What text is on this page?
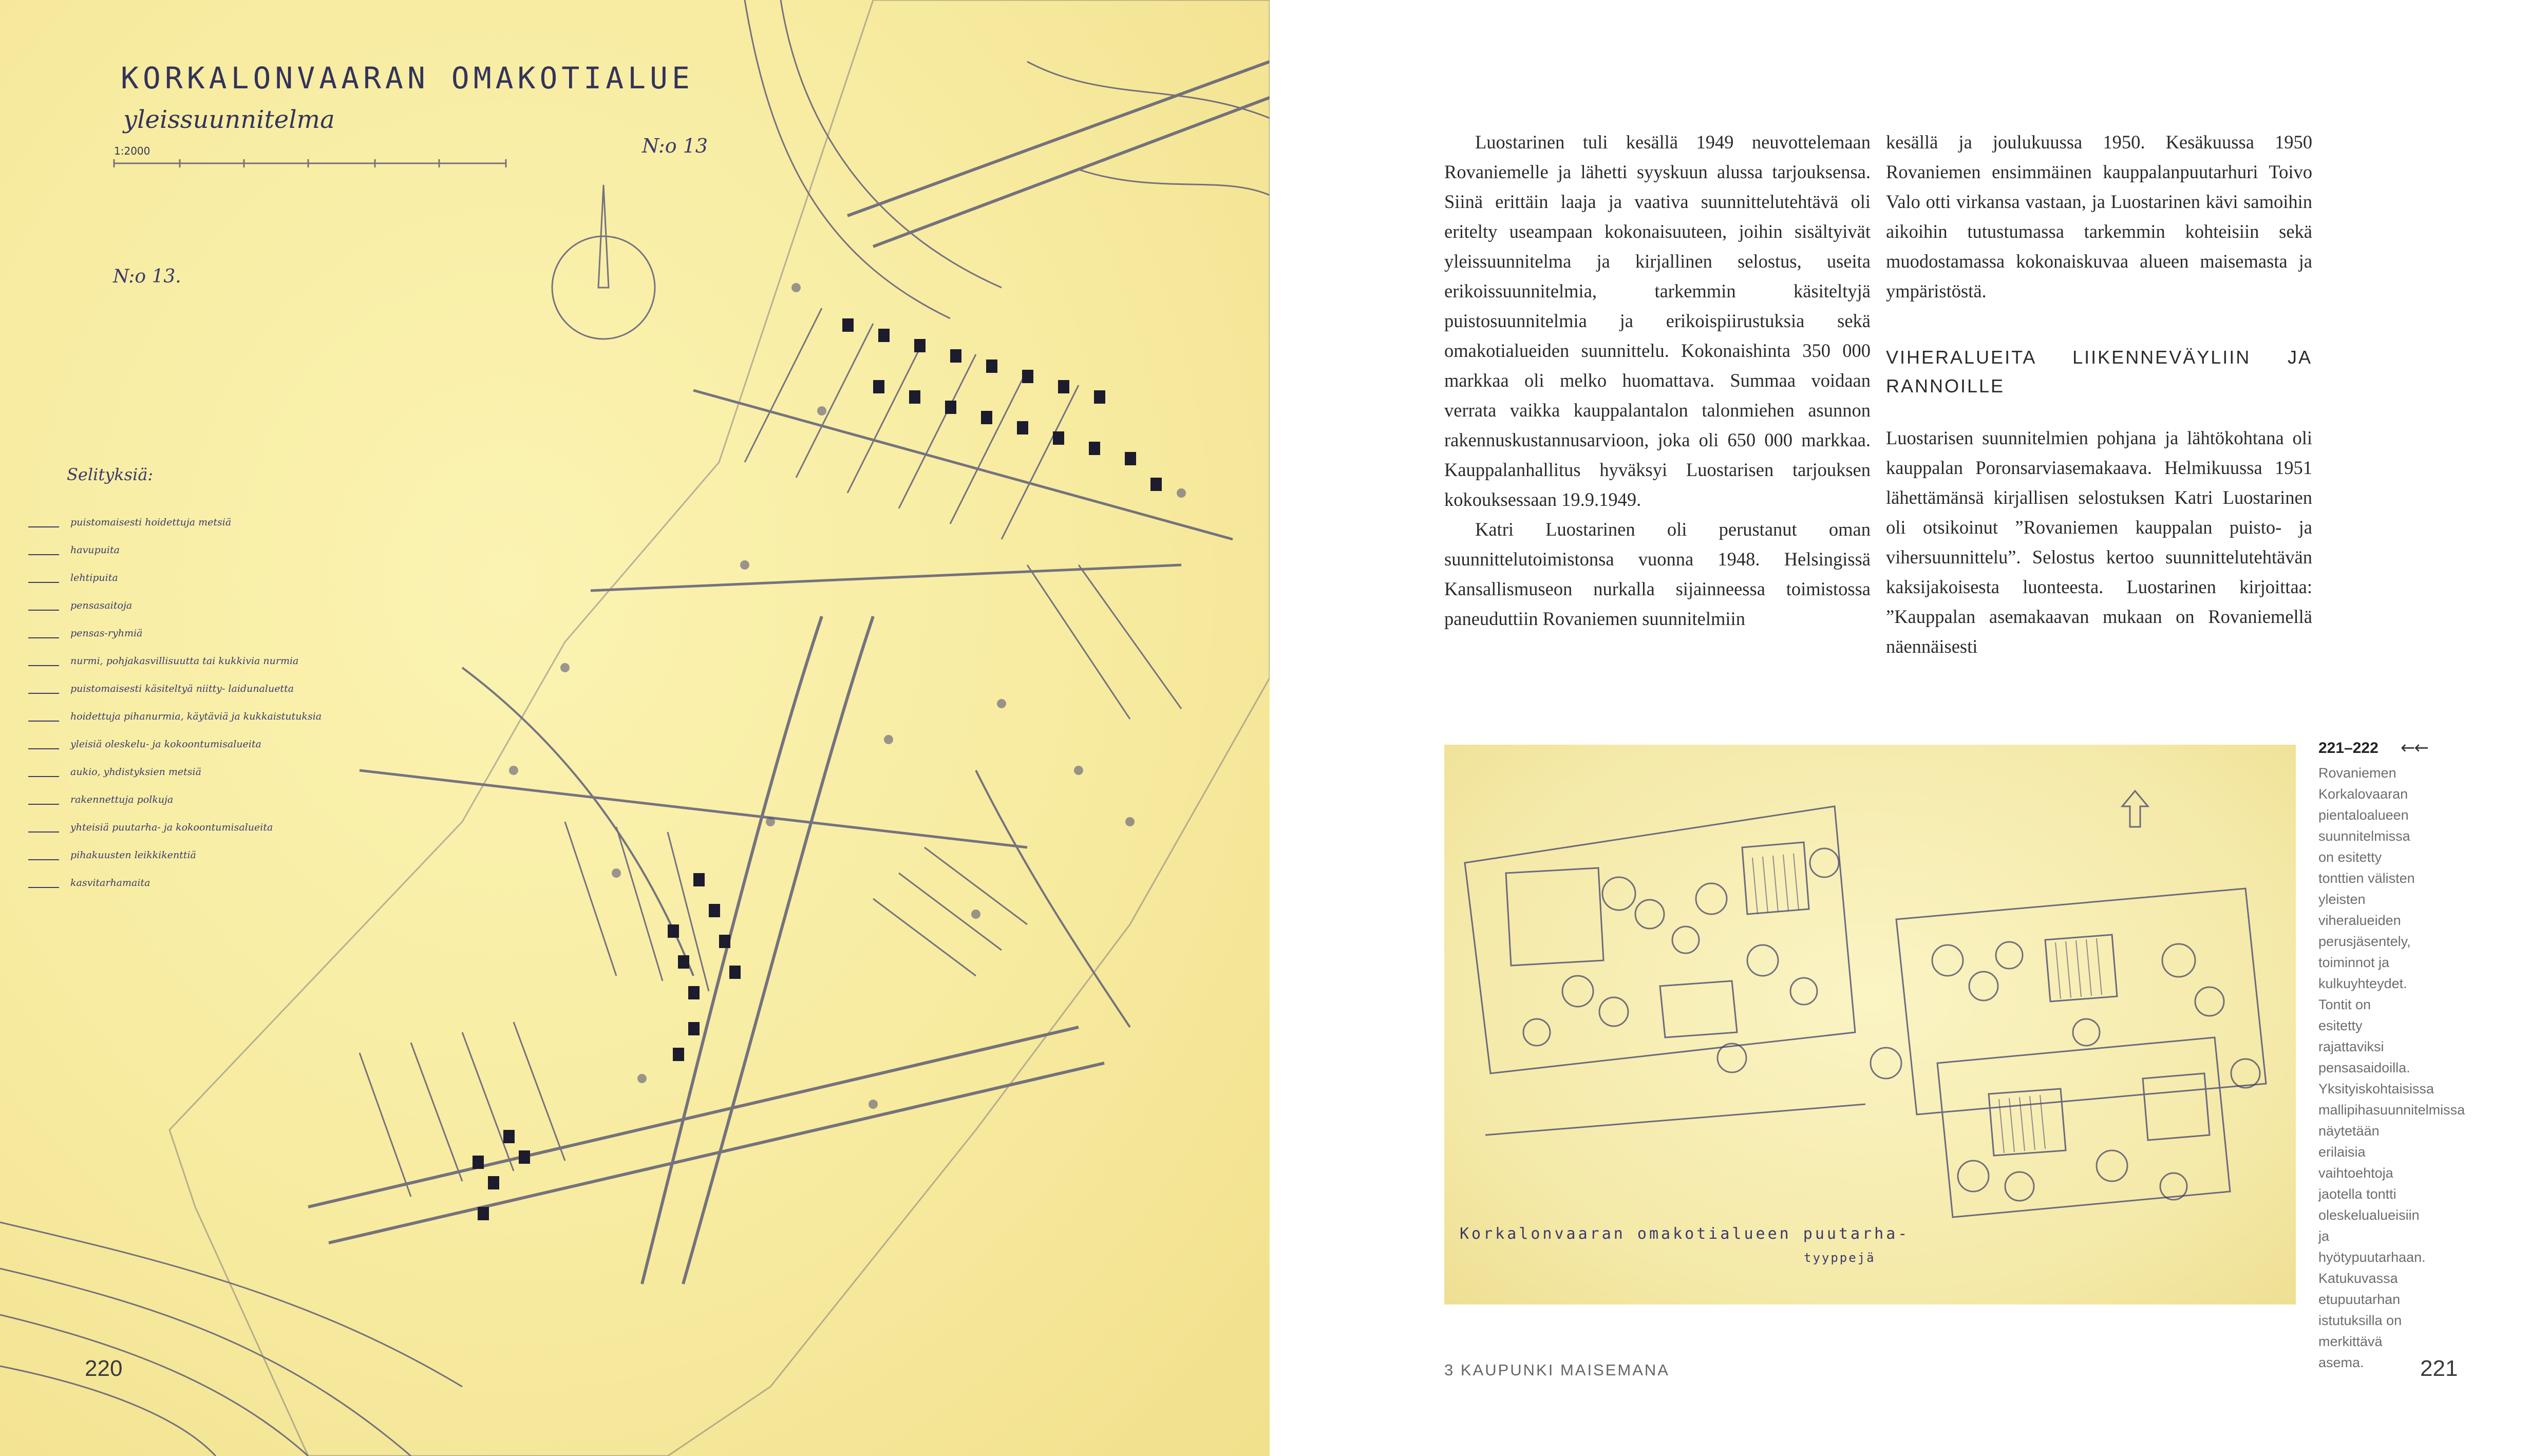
KORKALONVAARAN OMAKOTIALUE
yleissuunnitelma
N:o 13
N:o 13.
1:2000
Selityksiä:
puistomaisesti hoidettuja metsiä
havupuita
lehtipuita
pensasaitoja
pensas-ryhmiä
nurmi, pohjakasvillisuutta tai kukkivia nurmia
puistomaisesti käsiteltyä niitty- laidunaluetta
hoidettuja pihanurmia, käytäviä ja kukkaistutuksia
yleisiä oleskelu- ja kokoontumisalueita
aukio, yhdistyksien metsiä
rakennettuja polkuja
yhteisiä puutarha- ja kokoontumisalueita
pihakuusten leikkikenttiä
kasvitarhamaita
220

Luostarinen tuli kesällä 1949 neuvottelemaan Rovaniemelle ja lähetti syyskuun alussa tarjouksensa. Siinä erittäin laaja ja vaativa suunnittelutehtävä oli eritelty useampaan kokonaisuuteen, joihin sisältyivät yleissuunnitelma ja kirjallinen selostus, useita erikoissuunnitelmia, tarkemmin käsiteltyjä puistosuunnitelmia ja erikoispiirustuksia sekä omakotialueiden suunnittelu. Kokonaishinta 350 000 markkaa oli melko huomattava. Summaa voidaan verrata vaikka kauppalantalon talonmiehen asunnon rakennuskustannusarvioon, joka oli 650 000 markkaa. Kauppalanhallitus hyväksyi Luostarisen tarjouksen kokouksessaan 19.9.1949.

Katri Luostarinen oli perustanut oman suunnittelutoimistonsa vuonna 1948. Helsingissä Kansallismuseon nurkalla sijainneessa toimistossa paneuduttiin Rovaniemen suunnitelmiin

kesällä ja joulukuussa 1950. Kesäkuussa 1950 Rovaniemen ensimmäinen kauppalanpuutarhuri Toivo Valo otti virkansa vastaan, ja Luostarinen kävi samoihin aikoihin tutustumassa tarkemmin kohteisiin sekä muodostamassa kokonaiskuvaa alueen maisemasta ja ympäristöstä.

VIHERALUEITA LIIKENNEVÄYLIIN JA RANNOILLE

Luostarisen suunnitelmien pohjana ja lähtökohtana oli kauppalan Poronsarviasemakaava. Helmikuussa 1951 lähettämänsä kirjallisen selostuksen Katri Luostarinen oli otsikoinut ”Rovaniemen kauppalan puisto- ja vihersuunnittelu”. Selostus kertoo suunnittelutehtävän kaksijakoisesta luonteesta. Luostarinen kirjoittaa: ”Kauppalan asemakaavan mukaan on Rovaniemellä näennäisesti

Korkalonvaaran omakotialueen puutarha-
tyyppejä
221–222 ←←
Rovaniemen Korkalovaaran pientaloalueen suunnitelmissa on esitetty tonttien välisten yleisten viheralueiden perusjäsentely, toiminnot ja kulkuyhteydet. Tontit on esitetty rajattaviksi pensasaidoilla. Yksityiskohtaisissa mallipihasuunnitelmissa näytetään erilaisia vaihtoehtoja jaotella tontti oleskelualueisiin ja hyötypuutarhaan. Katukuvassa etupuutarhan istutuksilla on merkittävä asema.
3 KAUPUNKI MAISEMANA	221
